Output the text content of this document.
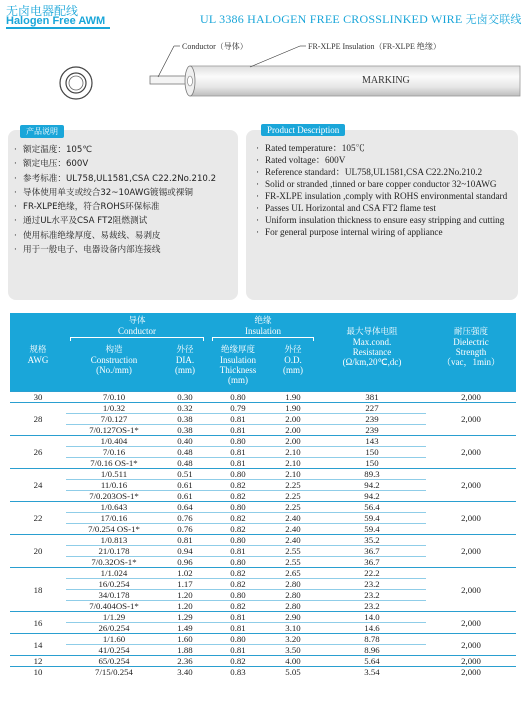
无卤电器配线
Halogen Free AWM	UL 3386 HALOGEN FREE CROSSLINKED WIRE 无卤交联线
Conductor（导体）	FR-XLPE Insulation（FR-XLPE 绝缘）
MARKING
产品说明
· 额定温度：105℃
· 额定电压：600V
· 参考标准：UL758,UL1581,CSA C22.2No.210.2
· 导体使用单支或绞合32~10AWG镀锡或裸铜
· FR-XLPE绝缘，符合ROHS环保标准
· 通过UL水平及CSA FT2阻燃测试
· 使用标准绝缘厚度、易裁线、易剥皮
· 用于一般电子、电器设备内部连接线
Product Description
· Rated temperature：105℃
· Rated voltage：600V
· Reference standard：UL758,UL1581,CSA C22.2No.210.2
· Solid or stranded ,tinned or bare copper conductor 32~10AWG
· FR-XLPE insulation ,comply with ROHS environmental standard
· Passes UL Horizontal and CSA FT2 flame test
· Uniform insulation thickness to ensure easy stripping and cutting
· For general purpose internal wiring of appliance
导体
Conductor
绝缘
Insulation
规格
AWG
构造
Construction
(No./mm)
外径
DIA.
(mm)
绝缘厚度
Insulation
Thickness
(mm)
外径
O.D.
(mm)
最大导体电阻
Max.cond.
Resistance
(Ω/km,20℃,dc)
耐压强度
Dielectric
Strength
（vac，1min）
30	7/0.10	0.30	0.80	1.90	381	2,000
28	1/0.32	0.32	0.79	1.90	227	2,000
	7/0.127	0.38	0.81	2.00	239	
	7/0.127OS-1*	0.38	0.81	2.00	239	
26	1/0.404	0.40	0.80	2.00	143	2,000
	7/0.16	0.48	0.81	2.10	150	
	7/0.16 OS-1*	0.48	0.81	2.10	150	
24	1/0.511	0.51	0.80	2.10	89.3	2,000
	11/0.16	0.61	0.82	2.25	94.2	
	7/0.203OS-1*	0.61	0.82	2.25	94.2	
22	1/0.643	0.64	0.80	2.25	56.4	2,000
	17/0.16	0.76	0.82	2.40	59.4	
	7/0.254 OS-1*	0.76	0.82	2.40	59.4	
20	1/0.813	0.81	0.80	2.40	35.2	2,000
	21/0.178	0.94	0.81	2.55	36.7	
	7/0.32OS-1*	0.96	0.80	2.55	36.7	
18	1/1.024	1.02	0.82	2.65	22.2	2,000
	16/0.254	1.17	0.82	2.80	23.2	
	34/0.178	1.20	0.80	2.80	23.2	
	7/0.404OS-1*	1.20	0.82	2.80	23.2	
16	1/1.29	1.29	0.81	2.90	14.0	2,000
	26/0.254	1.49	0.81	3.10	14.6	
14	1/1.60	1.60	0.80	3.20	8.78	2,000
	41/0.254	1.88	0.81	3.50	8.96	
12	65/0.254	2.36	0.82	4.00	5.64	2,000
10	7/15/0.254	3.40	0.83	5.05	3.54	2,000
